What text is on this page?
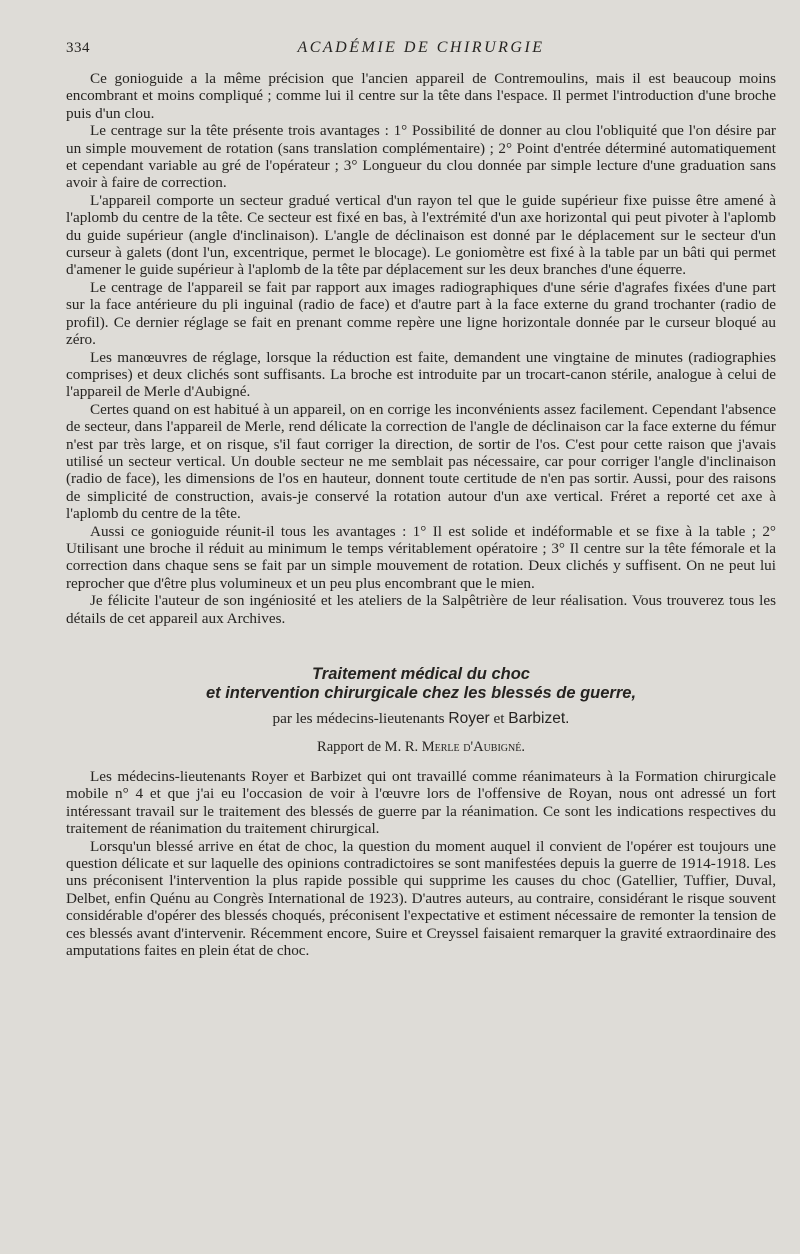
334	ACADÉMIE DE CHIRURGIE

Ce gonioguide a la même précision que l'ancien appareil de Contremoulins, mais il est beaucoup moins encombrant et moins compliqué ; comme lui il centre sur la tête dans l'espace. Il permet l'introduction d'une broche puis d'un clou.

Le centrage sur la tête présente trois avantages : 1° Possibilité de donner au clou l'obliquité que l'on désire par un simple mouvement de rotation (sans translation complémentaire) ; 2° Point d'entrée déterminé automatiquement et cependant variable au gré de l'opérateur ; 3° Longueur du clou donnée par simple lecture d'une graduation sans avoir à faire de correction.

L'appareil comporte un secteur gradué vertical d'un rayon tel que le guide supérieur fixe puisse être amené à l'aplomb du centre de la tête. Ce secteur est fixé en bas, à l'extrémité d'un axe horizontal qui peut pivoter à l'aplomb du guide supérieur (angle d'inclinaison). L'angle de déclinaison est donné par le déplacement sur le secteur d'un curseur à galets (dont l'un, excentrique, permet le blocage). Le goniomètre est fixé à la table par un bâti qui permet d'amener le guide supérieur à l'aplomb de la tête par déplacement sur les deux branches d'une équerre.

Le centrage de l'appareil se fait par rapport aux images radiographiques d'une série d'agrafes fixées d'une part sur la face antérieure du pli inguinal (radio de face) et d'autre part à la face externe du grand trochanter (radio de profil). Ce dernier réglage se fait en prenant comme repère une ligne horizontale donnée par le curseur bloqué au zéro.

Les manœuvres de réglage, lorsque la réduction est faite, demandent une vingtaine de minutes (radiographies comprises) et deux clichés sont suffisants. La broche est introduite par un trocart-canon stérile, analogue à celui de l'appareil de Merle d'Aubigné.

Certes quand on est habitué à un appareil, on en corrige les inconvénients assez facilement. Cependant l'absence de secteur, dans l'appareil de Merle, rend délicate la correction de l'angle de déclinaison car la face externe du fémur n'est par très large, et on risque, s'il faut corriger la direction, de sortir de l'os. C'est pour cette raison que j'avais utilisé un secteur vertical. Un double secteur ne me semblait pas nécessaire, car pour corriger l'angle d'inclinaison (radio de face), les dimensions de l'os en hauteur, donnent toute certitude de n'en pas sortir. Aussi, pour des raisons de simplicité de construction, avais-je conservé la rotation autour d'un axe vertical. Fréret a reporté cet axe à l'aplomb du centre de la tête.

Aussi ce gonioguide réunit-il tous les avantages : 1° Il est solide et indéformable et se fixe à la table ; 2° Utilisant une broche il réduit au minimum le temps véritablement opératoire ; 3° Il centre sur la tête fémorale et la correction dans chaque sens se fait par un simple mouvement de rotation. Deux clichés y suffisent. On ne peut lui reprocher que d'être plus volumineux et un peu plus encombrant que le mien.

Je félicite l'auteur de son ingéniosité et les ateliers de la Salpêtrière de leur réalisation. Vous trouverez tous les détails de cet appareil aux Archives.

Traitement médical du choc
et intervention chirurgicale chez les blessés de guerre,
par les médecins-lieutenants Royer et Barbizet.
Rapport de M. R. Merle d'Aubigné.

Les médecins-lieutenants Royer et Barbizet qui ont travaillé comme réanimateurs à la Formation chirurgicale mobile n° 4 et que j'ai eu l'occasion de voir à l'œuvre lors de l'offensive de Royan, nous ont adressé un fort intéressant travail sur le traitement des blessés de guerre par la réanimation. Ce sont les indications respectives du traitement de réanimation du traitement chirurgical.

Lorsqu'un blessé arrive en état de choc, la question du moment auquel il convient de l'opérer est toujours une question délicate et sur laquelle des opinions contradictoires se sont manifestées depuis la guerre de 1914-1918. Les uns préconisent l'intervention la plus rapide possible qui supprime les causes du choc (Gatellier, Tuffier, Duval, Delbet, enfin Quénu au Congrès International de 1923). D'autres auteurs, au contraire, considérant le risque souvent considérable d'opérer des blessés choqués, préconisent l'expectative et estiment nécessaire de remonter la tension de ces blessés avant d'intervenir. Récemment encore, Suire et Creyssel faisaient remarquer la gravité extraordinaire des amputations faites en plein état de choc.
